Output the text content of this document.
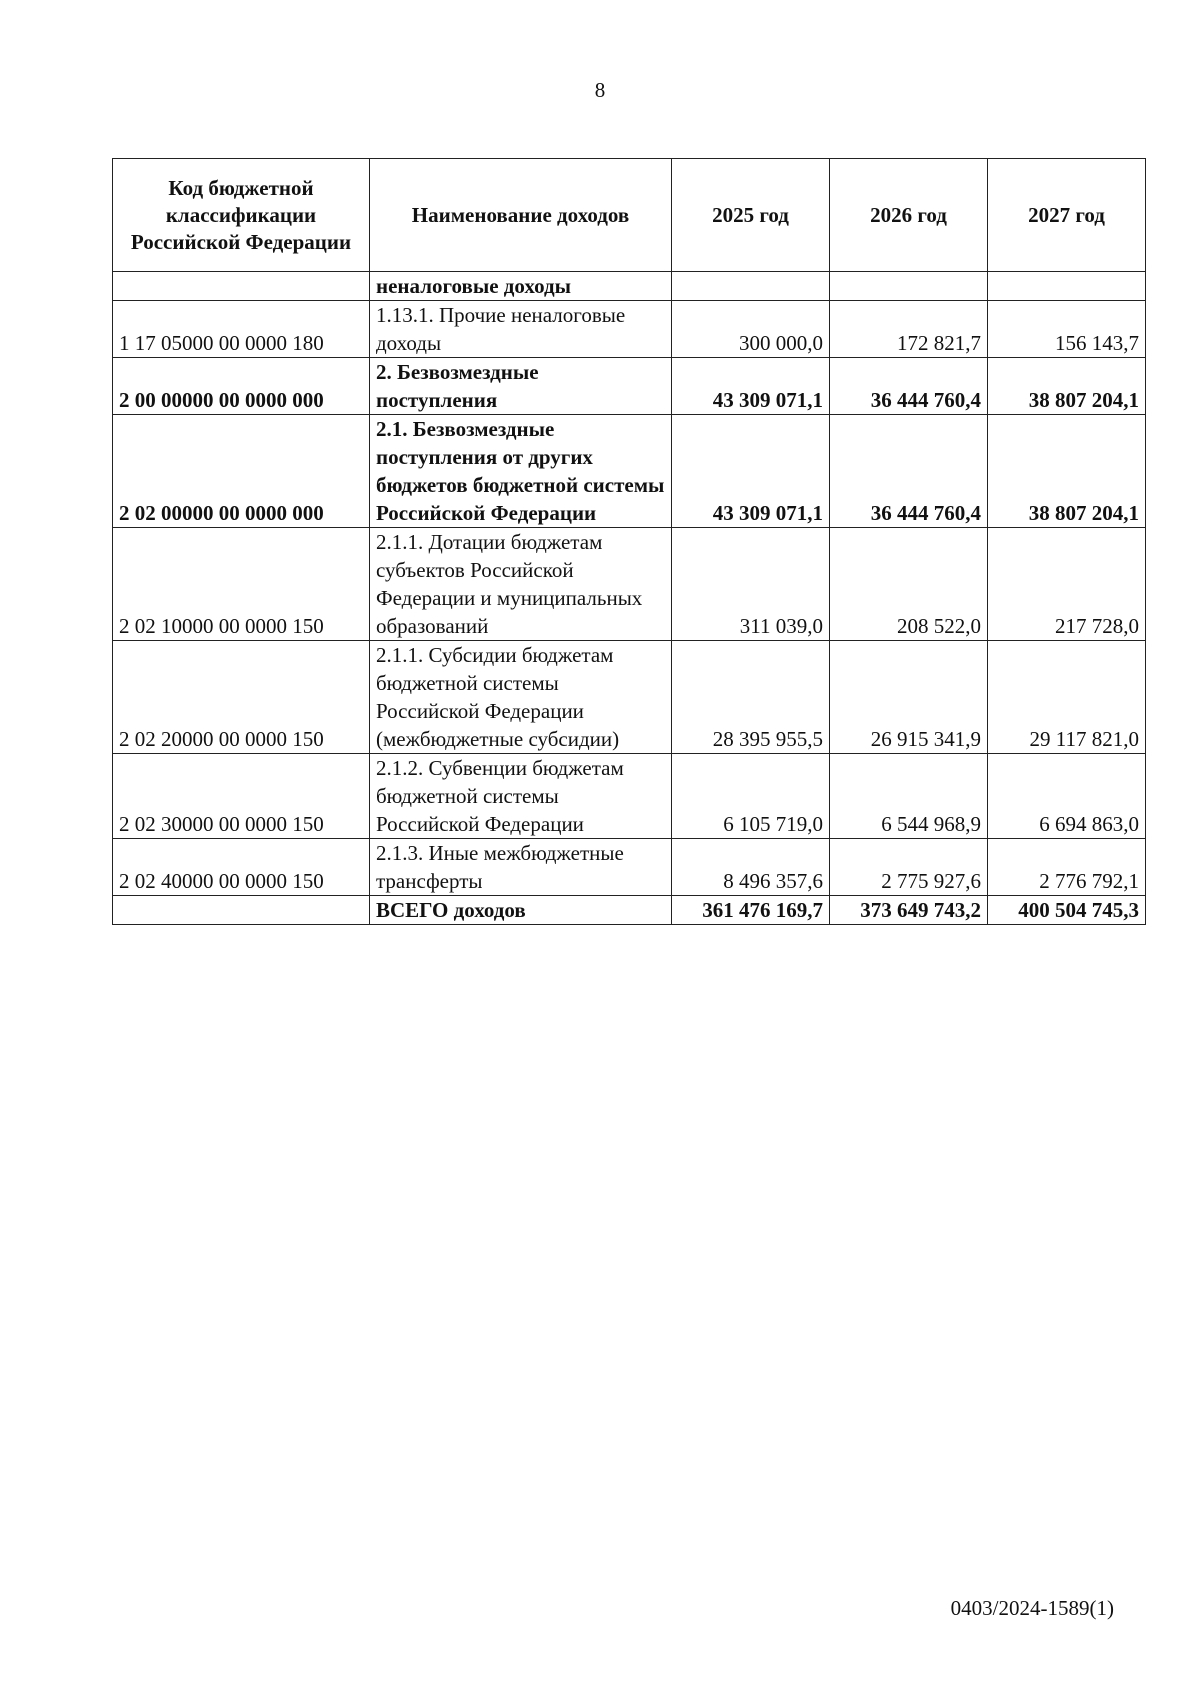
8
Код бюджетной классификации Российской Федерации	Наименование доходов	2025 год	2026 год	2027 год
	неналоговые доходы			
1 17 05000 00 0000 180	1.13.1. Прочие неналоговые доходы	300 000,0	172 821,7	156 143,7
2 00 00000 00 0000 000	2. Безвозмездные поступления	43 309 071,1	36 444 760,4	38 807 204,1
2 02 00000 00 0000 000	2.1. Безвозмездные поступления от других бюджетов бюджетной системы Российской Федерации	43 309 071,1	36 444 760,4	38 807 204,1
2 02 10000 00 0000 150	2.1.1. Дотации бюджетам субъектов Российской Федерации и муниципальных образований	311 039,0	208 522,0	217 728,0
2 02 20000 00 0000 150	2.1.1. Субсидии бюджетам бюджетной системы Российской Федерации (межбюджетные субсидии)	28 395 955,5	26 915 341,9	29 117 821,0
2 02 30000 00 0000 150	2.1.2. Субвенции бюджетам бюджетной системы Российской Федерации	6 105 719,0	6 544 968,9	6 694 863,0
2 02 40000 00 0000 150	2.1.3. Иные межбюджетные трансферты	8 496 357,6	2 775 927,6	2 776 792,1
	ВСЕГО доходов	361 476 169,7	373 649 743,2	400 504 745,3
0403/2024-1589(1)
